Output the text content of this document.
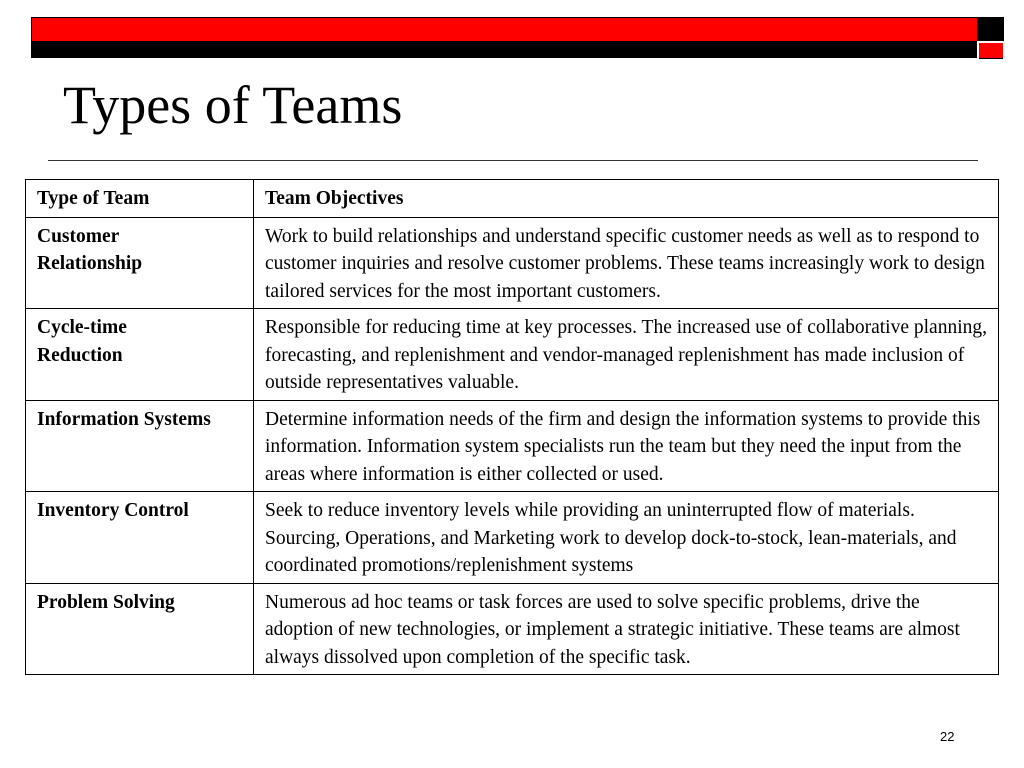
Types of Teams
Type of Team	Team Objectives
Customer
Relationship	Work to build relationships and understand specific customer needs as well as to respond to customer inquiries and resolve customer problems. These teams increasingly work to design tailored services for the most important customers.
Cycle-time
Reduction	Responsible for reducing time at key processes. The increased use of collaborative planning, forecasting, and replenishment and vendor-managed replenishment has made inclusion of outside representatives valuable.
Information Systems	Determine information needs of the firm and design the information systems to provide this information. Information system specialists run the team but they need the input from the areas where information is either collected or used.
Inventory Control	Seek to reduce inventory levels while providing an uninterrupted flow of materials. Sourcing, Operations, and Marketing work to develop dock-to-stock, lean-materials, and coordinated promotions/replenishment systems
Problem Solving	Numerous ad hoc teams or task forces are used to solve specific problems, drive the adoption of new technologies, or implement a strategic initiative. These teams are almost always dissolved upon completion of the specific task.
22
